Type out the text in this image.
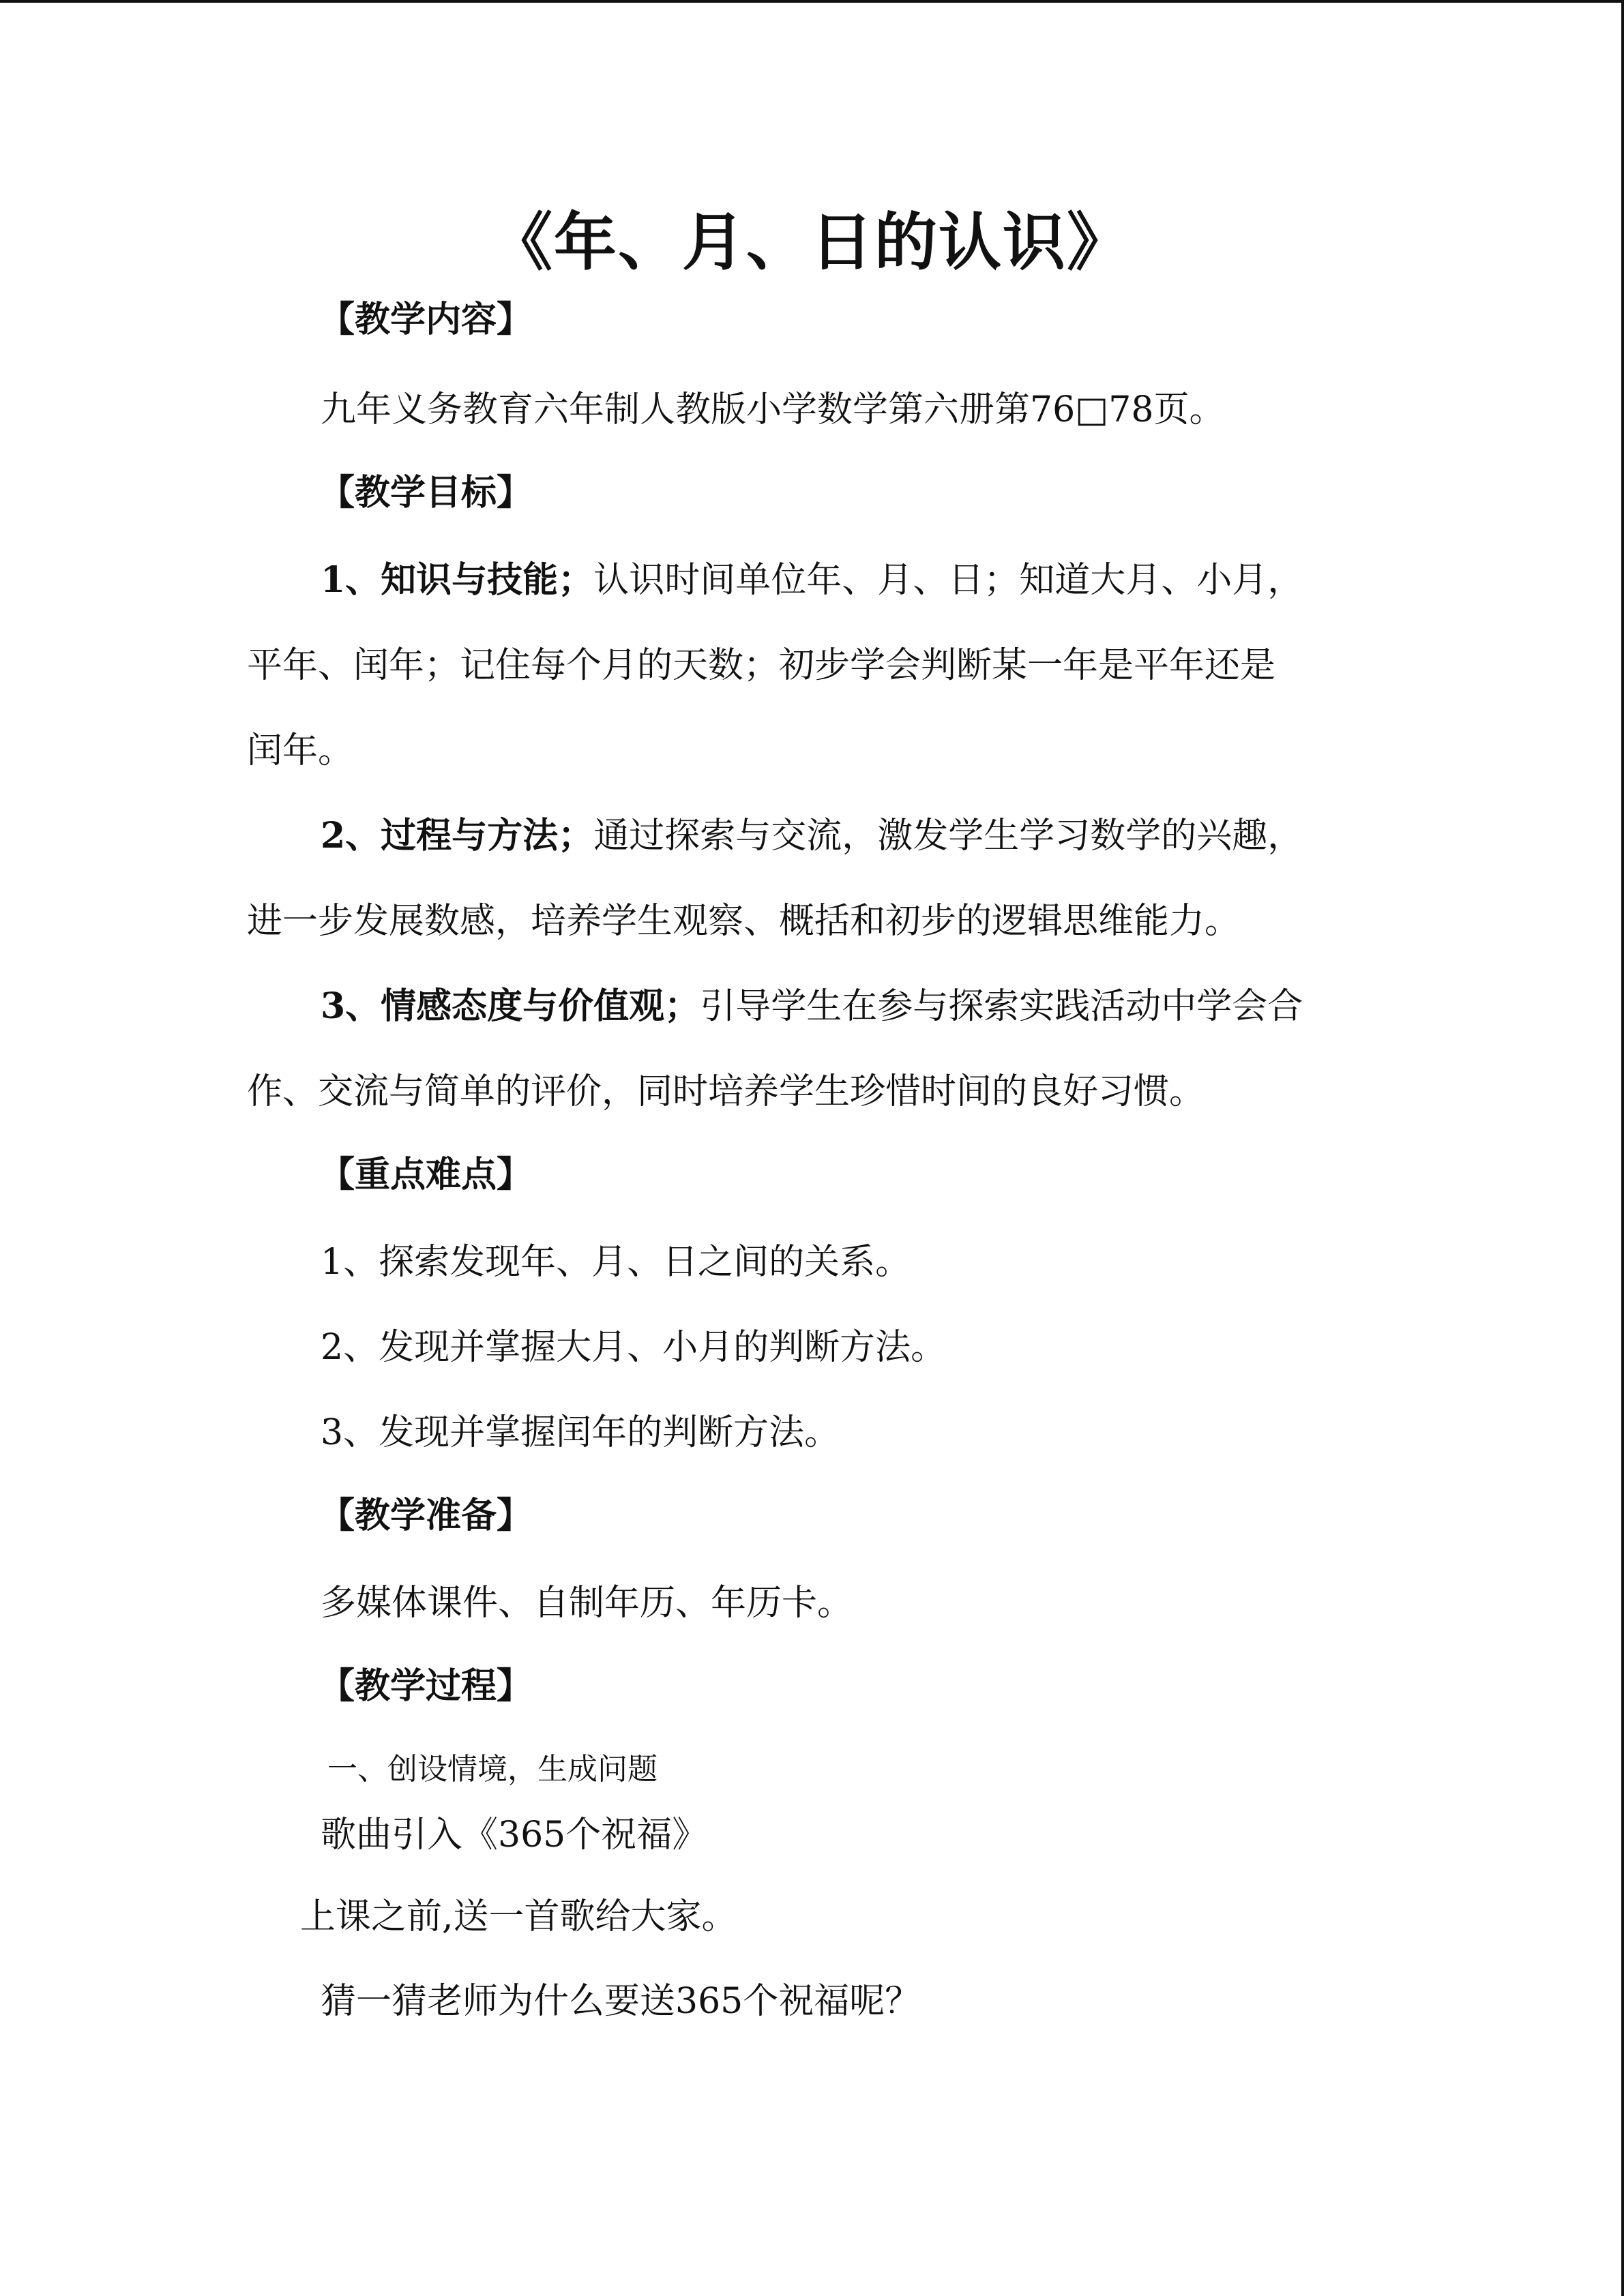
《年、月、日的认识》
【教学内容】
九年义务教育六年制人教版小学数学第六册第76□78页。
【教学目标】
1、知识与技能；认识时间单位年、月、日；知道大月、小月，
平年、闰年；记住每个月的天数；初步学会判断某一年是平年还是
闰年。
2、过程与方法；通过探索与交流，激发学生学习数学的兴趣，
进一步发展数感，培养学生观察、概括和初步的逻辑思维能力。
3、情感态度与价值观；引导学生在参与探索实践活动中学会合
作、交流与简单的评价，同时培养学生珍惜时间的良好习惯。
【重点难点】
1、探索发现年、月、日之间的关系。
2、发现并掌握大月、小月的判断方法。
3、发现并掌握闰年的判断方法。
【教学准备】
多媒体课件、自制年历、年历卡。
【教学过程】
一、创设情境，生成问题
歌曲引入《365个祝福》
上课之前,送一首歌给大家。
猜一猜老师为什么要送365个祝福呢？
